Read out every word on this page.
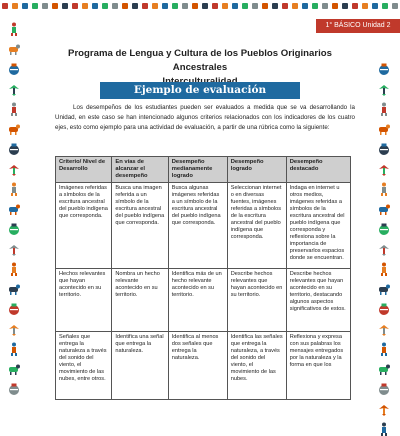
1° BÁSICO Unidad 2
Programa de Lengua y Cultura de los Pueblos Originarios Ancestrales
Ejemplo de evaluación
Los desempeños de los estudiantes pueden ser evaluados a medida que se va desarrollando la Unidad, en este caso se han intencionado algunos criterios relacionados con los indicadores de los cuatro ejes, esto como ejemplo para una actividad de evaluación, a partir de una rúbrica como la siguiente:
Criterio/ Nivel de Desarrollo	En vías de alcanzar el desempeño	Desempeño medianamente logrado	Desempeño logrado	Desempeño destacado
Imágenes referidas a símbolos de la escritura ancestral del pueblo indígena que corresponda.	Busca una imagen referida a un símbolo de la escritura ancestral del pueblo indígena que corresponda.	Busca algunas imágenes referidas a un símbolo de la escritura ancestral del pueblo indígena que corresponda.	Seleccionan internet o en diversas fuentes, imágenes referidas a símbolos de la escritura ancestral del pueblo indígena que corresponda.	Indaga en internet u otros medios, imágenes referidas a símbolos de la escritura ancestral del pueblo indígena que corresponda y reflexiona sobre la importancia de preservarlos espacios donde se encuentran.
Hechos relevantes que hayan acontecido en su territorio.	Nombra un hecho relevante acontecido en su territorio.	Identifica más de un hecho relevante acontecido en su territorio.	Describe hechos relevantes que hayan acontecido en su territorio.	Describe hechos relevantes que hayan acontecido en su territorio, destacando algunos aspectos significativos de estos.
Señales que entrega la naturaleza a través del sonido del viento, el movimiento de las nubes, entre otros.	Identifica una señal que entrega la naturaleza.	Identifica al menos dos señales que entrega la naturaleza.	Identifica las señales que entrega la naturaleza, a través del sonido del viento, el movimiento de las nubes.	Reflexiona y expresa con sus palabras los mensajes entregados por la naturaleza y la forma en que los
